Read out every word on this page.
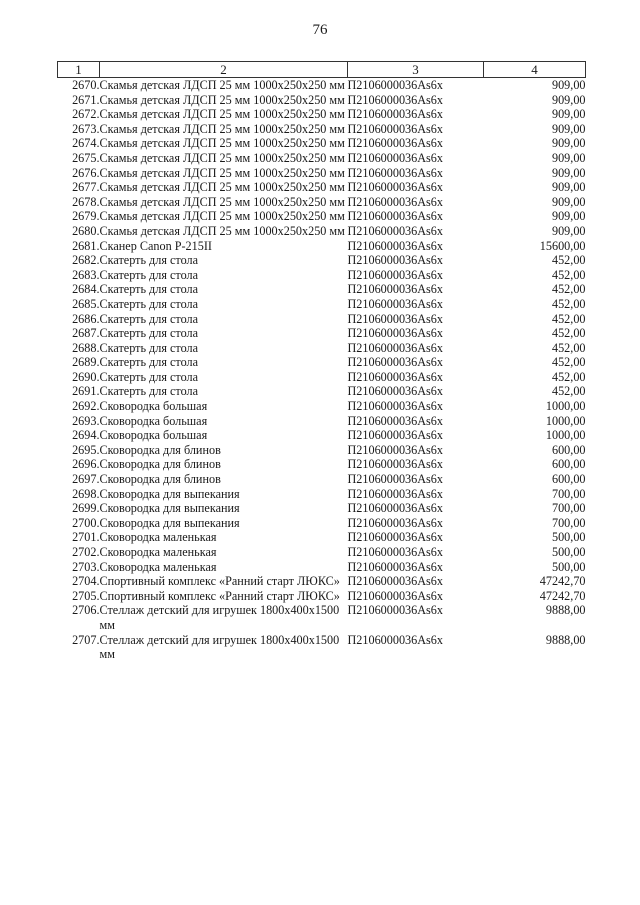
76
1	2	3	4
2670.	Скамья детская ЛДСП 25 мм 1000х250х250 мм	П2106000036Аs6х	909,00
2671.	Скамья детская ЛДСП 25 мм 1000х250х250 мм	П2106000036Аs6х	909,00
2672.	Скамья детская ЛДСП 25 мм 1000х250х250 мм	П2106000036Аs6х	909,00
2673.	Скамья детская ЛДСП 25 мм 1000х250х250 мм	П2106000036Аs6х	909,00
2674.	Скамья детская ЛДСП 25 мм 1000х250х250 мм	П2106000036Аs6х	909,00
2675.	Скамья детская ЛДСП 25 мм 1000х250х250 мм	П2106000036Аs6х	909,00
2676.	Скамья детская ЛДСП 25 мм 1000х250х250 мм	П2106000036Аs6х	909,00
2677.	Скамья детская ЛДСП 25 мм 1000х250х250 мм	П2106000036Аs6х	909,00
2678.	Скамья детская ЛДСП 25 мм 1000х250х250 мм	П2106000036Аs6х	909,00
2679.	Скамья детская ЛДСП 25 мм 1000х250х250 мм	П2106000036Аs6х	909,00
2680.	Скамья детская ЛДСП 25 мм 1000х250х250 мм	П2106000036Аs6х	909,00
2681.	Сканер Canon P-215II	П2106000036Аs6х	15600,00
2682.	Скатерть для стола	П2106000036Аs6х	452,00
2683.	Скатерть для стола	П2106000036Аs6х	452,00
2684.	Скатерть для стола	П2106000036Аs6х	452,00
2685.	Скатерть для стола	П2106000036Аs6х	452,00
2686.	Скатерть для стола	П2106000036Аs6х	452,00
2687.	Скатерть для стола	П2106000036Аs6х	452,00
2688.	Скатерть для стола	П2106000036Аs6х	452,00
2689.	Скатерть для стола	П2106000036Аs6х	452,00
2690.	Скатерть для стола	П2106000036Аs6х	452,00
2691.	Скатерть для стола	П2106000036Аs6х	452,00
2692.	Сковородка большая	П2106000036Аs6х	1000,00
2693.	Сковородка большая	П2106000036Аs6х	1000,00
2694.	Сковородка большая	П2106000036Аs6х	1000,00
2695.	Сковородка для блинов	П2106000036Аs6х	600,00
2696.	Сковородка для блинов	П2106000036Аs6х	600,00
2697.	Сковородка для блинов	П2106000036Аs6х	600,00
2698.	Сковородка для выпекания	П2106000036Аs6х	700,00
2699.	Сковородка для выпекания	П2106000036Аs6х	700,00
2700.	Сковородка для выпекания	П2106000036Аs6х	700,00
2701.	Сковородка маленькая	П2106000036Аs6х	500,00
2702.	Сковородка маленькая	П2106000036Аs6х	500,00
2703.	Сковородка маленькая	П2106000036Аs6х	500,00
2704.	Спортивный комплекс «Ранний старт ЛЮКС»	П2106000036Аs6х	47242,70
2705.	Спортивный комплекс «Ранний старт ЛЮКС»	П2106000036Аs6х	47242,70
2706.	Стеллаж детский для игрушек 1800х400х1500 мм	П2106000036Аs6х	9888,00
2707.	Стеллаж детский для игрушек 1800х400х1500 мм	П2106000036Аs6х	9888,00
